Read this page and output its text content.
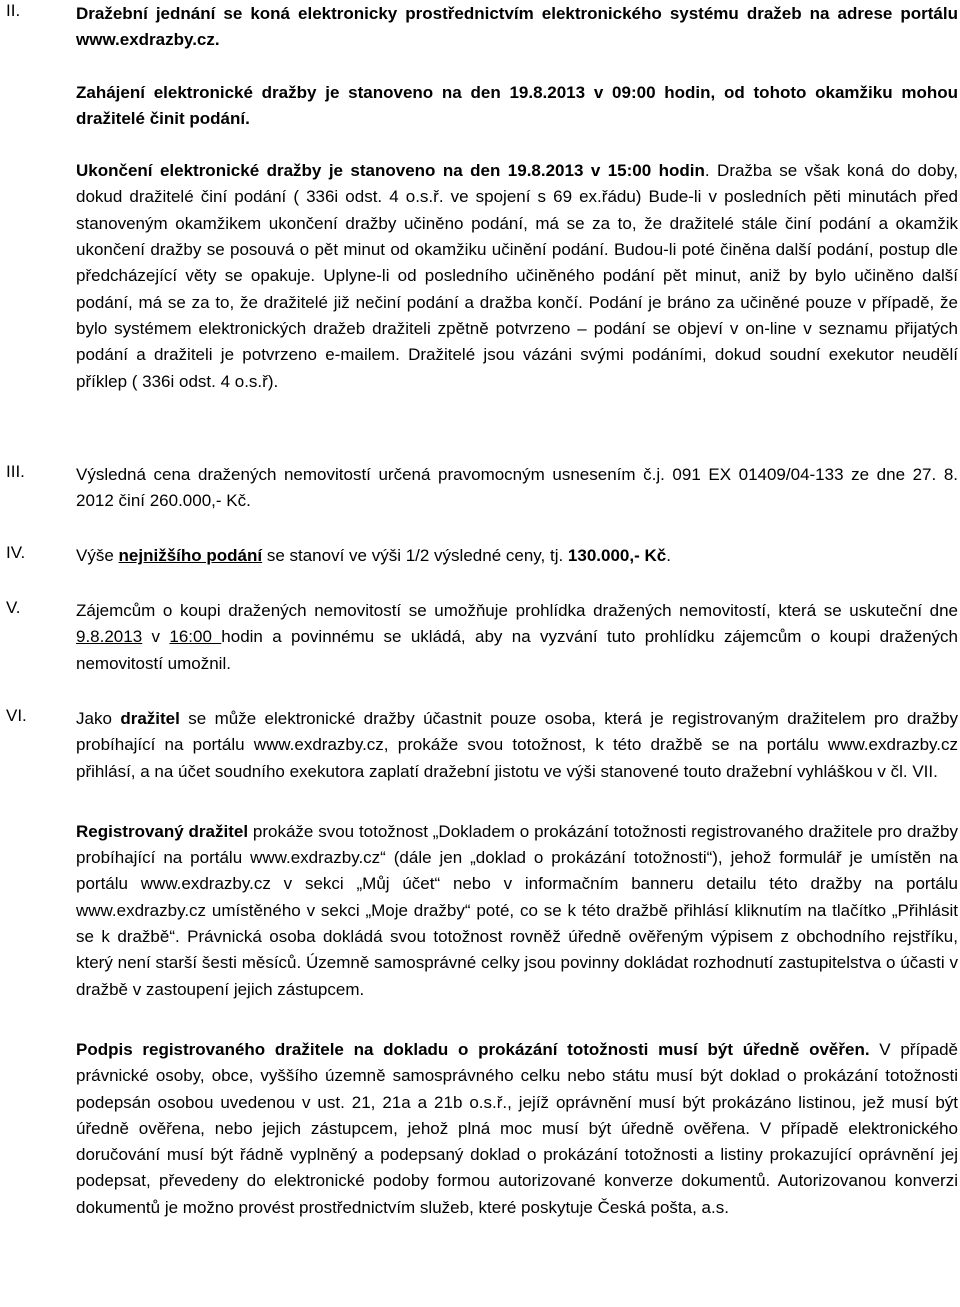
II.	Dražební jednání se koná elektronicky prostřednictvím elektronického systému dražeb na adrese portálu www.exdrazby.cz.

Zahájení elektronické dražby je stanoveno na den 19.8.2013 v 09:00 hodin, od tohoto okamžiku mohou dražitelé činit podání.

Ukončení elektronické dražby je stanoveno na den 19.8.2013 v 15:00 hodin. Dražba se však koná do doby, dokud dražitelé činí podání ( 336i odst. 4 o.s.ř. ve spojení s 69 ex.řádu) Bude-li v posledních pěti minutách před stanoveným okamžikem ukončení dražby učiněno podání, má se za to, že dražitelé stále činí podání a okamžik ukončení dražby se posouvá o pět minut od okamžiku učinění podání. Budou-li poté činěna další podání, postup dle předcházející věty se opakuje. Uplyne-li od posledního učiněného podání pět minut, aniž by bylo učiněno další podání, má se za to, že dražitelé již nečiní podání a dražba končí. Podání je bráno za učiněné pouze v případě, že bylo systémem elektronických dražeb dražiteli zpětně potvrzeno – podání se objeví v on-line v seznamu přijatých podání a dražiteli je potvrzeno e-mailem. Dražitelé jsou vázáni svými podáními, dokud soudní exekutor neudělí příklep ( 336i odst. 4 o.s.ř).

III.	Výsledná cena dražených nemovitostí určená pravomocným usnesením č.j. 091 EX 01409/04-133 ze dne 27. 8. 2012 činí 260.000,- Kč.
IV.	Výše nejnižšího podání se stanoví ve výši 1/2 výsledné ceny, tj. 130.000,- Kč.
V.	Zájemcům o koupi dražených nemovitostí se umožňuje prohlídka dražených nemovitostí, která se uskuteční dne 9.8.2013 v 16:00 hodin a povinnému se ukládá, aby na vyzvání tuto prohlídku zájemcům o koupi dražených nemovitostí umožnil.
VI.	Jako dražitel se může elektronické dražby účastnit pouze osoba, která je registrovaným dražitelem pro dražby probíhající na portálu www.exdrazby.cz, prokáže svou totožnost, k této dražbě se na portálu www.exdrazby.cz přihlásí, a na účet soudního exekutora zaplatí dražební jistotu ve výši stanovené touto dražební vyhláškou v čl. VII.

Registrovaný dražitel prokáže svou totožnost „Dokladem o prokázání totožnosti registrovaného dražitele pro dražby probíhající na portálu www.exdrazby.cz“ (dále jen „doklad o prokázání totožnosti“), jehož formulář je umístěn na portálu www.exdrazby.cz v sekci „Můj účet“ nebo v informačním banneru detailu této dražby na portálu www.exdrazby.cz umístěného v sekci „Moje dražby“ poté, co se k této dražbě přihlásí kliknutím na tlačítko „Přihlásit se k dražbě“. Právnická osoba dokládá svou totožnost rovněž úředně ověřeným výpisem z obchodního rejstříku, který není starší šesti měsíců. Územně samosprávné celky jsou povinny dokládat rozhodnutí zastupitelstva o účasti v dražbě v zastoupení jejich zástupcem.

Podpis registrovaného dražitele na dokladu o prokázání totožnosti musí být úředně ověřen. V případě právnické osoby, obce, vyššího územně samosprávného celku nebo státu musí být doklad o prokázání totožnosti podepsán osobou uvedenou v ust. 21, 21a a 21b o.s.ř., jejíž oprávnění musí být prokázáno listinou, jež musí být úředně ověřena, nebo jejich zástupcem, jehož plná moc musí být úředně ověřena. V případě elektronického doručování musí být řádně vyplněný a podepsaný doklad o prokázání totožnosti a listiny prokazující oprávnění jej podepsat, převedeny do elektronické podoby formou autorizované konverze dokumentů. Autorizovanou konverzi dokumentů je možno provést prostřednictvím služeb, které poskytuje Česká pošta, a.s.
